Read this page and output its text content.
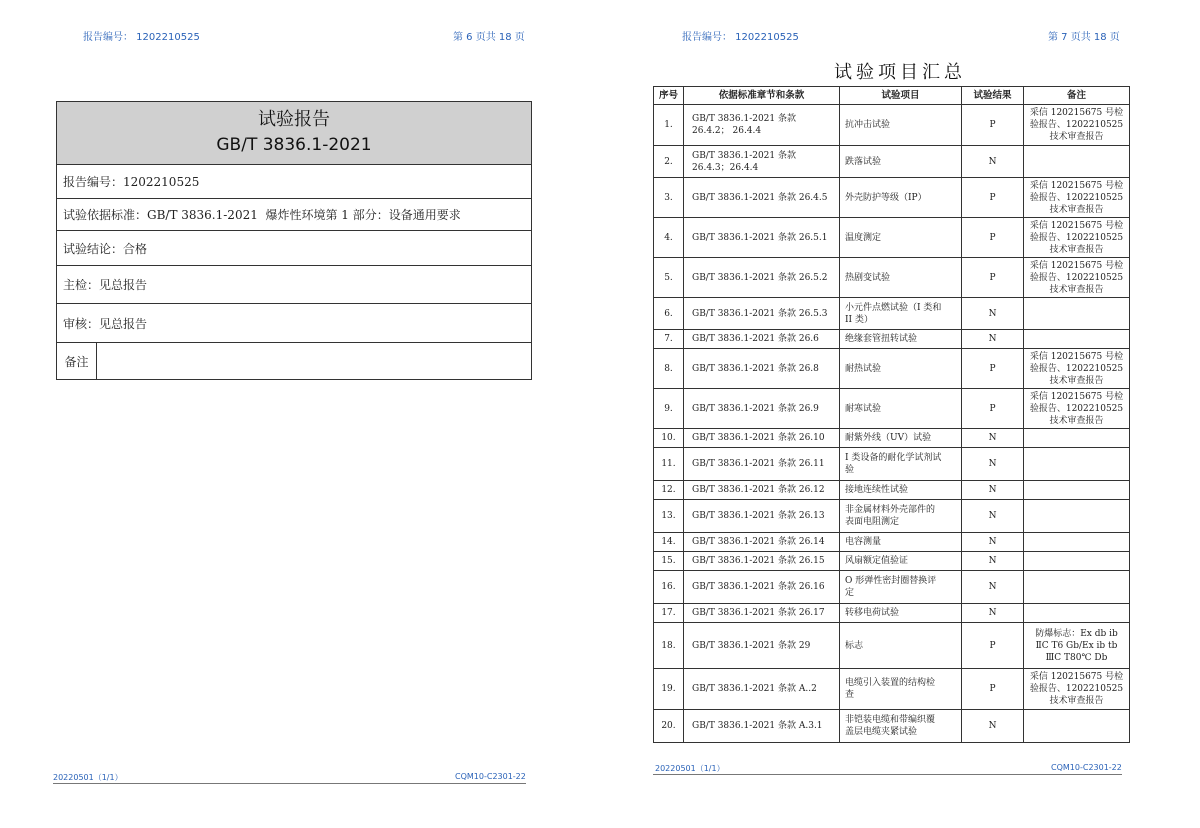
报告编号： 1202210525	第 6 页共 18 页
试验报告
GB/T 3836.1-2021
报告编号：1202210525
试验依据标准：GB/T 3836.1-2021  爆炸性环境第 1 部分：设备通用要求
试验结论：合格
主检：见总报告
审核：见总报告
备注
20220501（1/1）	CQM10-C2301-22
报告编号： 1202210525	第 7 页共 18 页
试验项目汇总
序号	依据标准章节和条款	试验项目	试验结果	备注
1.	GB/T 3836.1-2021 条款
26.4.2； 26.4.4	抗冲击试验	P	采信 120215675 号检
验报告、1202210525
技术审查报告
2.	GB/T 3836.1-2021 条款
26.4.3；26.4.4	跌落试验	N	
3.	GB/T 3836.1-2021 条款 26.4.5	外壳防护等级（IP）	P	采信 120215675 号检
验报告、1202210525
技术审查报告
4.	GB/T 3836.1-2021 条款 26.5.1	温度测定	P	采信 120215675 号检
验报告、1202210525
技术审查报告
5.	GB/T 3836.1-2021 条款 26.5.2	热剧变试验	P	采信 120215675 号检
验报告、1202210525
技术审查报告
6.	GB/T 3836.1-2021 条款 26.5.3	小元件点燃试验（I 类和
II 类）	N	
7.	GB/T 3836.1-2021 条款 26.6	绝缘套管扭转试验	N	
8.	GB/T 3836.1-2021 条款 26.8	耐热试验	P	采信 120215675 号检
验报告、1202210525
技术审查报告
9.	GB/T 3836.1-2021 条款 26.9	耐寒试验	P	采信 120215675 号检
验报告、1202210525
技术审查报告
10.	GB/T 3836.1-2021 条款 26.10	耐紫外线（UV）试验	N	
11.	GB/T 3836.1-2021 条款 26.11	I 类设备的耐化学试剂试
验	N	
12.	GB/T 3836.1-2021 条款 26.12	接地连续性试验	N	
13.	GB/T 3836.1-2021 条款 26.13	非金属材料外壳部件的
表面电阻测定	N	
14.	GB/T 3836.1-2021 条款 26.14	电容测量	N	
15.	GB/T 3836.1-2021 条款 26.15	风扇额定值验证	N	
16.	GB/T 3836.1-2021 条款 26.16	O 形弹性密封圈替换评
定	N	
17.	GB/T 3836.1-2021 条款 26.17	转移电荷试验	N	
18.	GB/T 3836.1-2021 条款 29	标志	P	防爆标志：Ex db ib
ⅡC T6 Gb/Ex ib tb
ⅢC T80℃ Db
19.	GB/T 3836.1-2021 条款 A..2	电缆引入装置的结构检
查	P	采信 120215675 号检
验报告、1202210525
技术审查报告
20.	GB/T 3836.1-2021 条款 A.3.1	非铠装电缆和带编织覆
盖层电缆夹紧试验	N	
20220501（1/1）	CQM10-C2301-22
